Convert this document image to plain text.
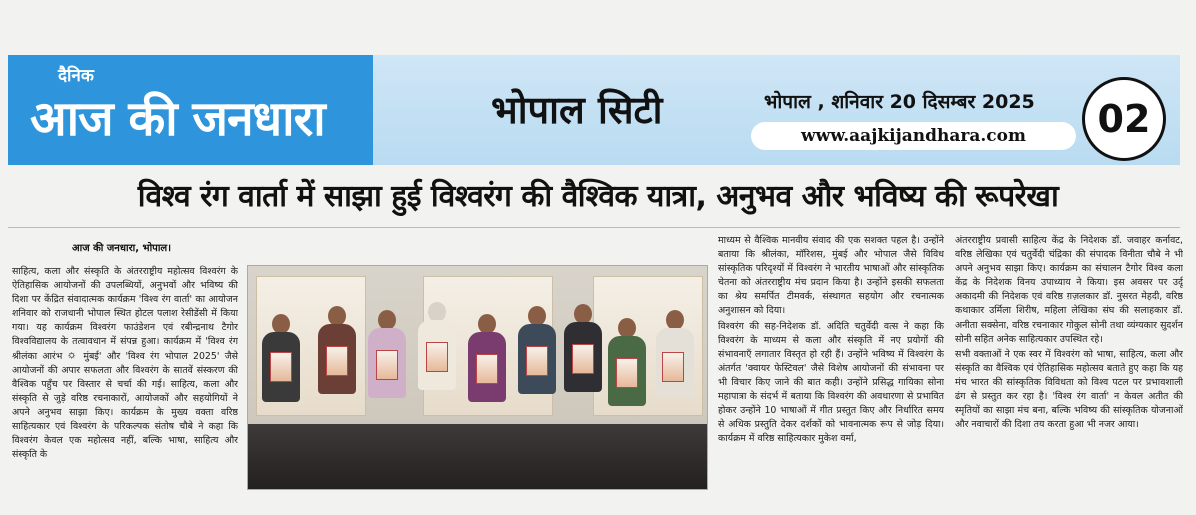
दैनिक
आज की जनधारा	भोपाल सिटी	भोपाल , शनिवार 20 दिसम्बर 2025
www.aajkijandhara.com	02
विश्व रंग वार्ता में साझा हुई विश्वरंग की वैश्विक यात्रा, अनुभव और भविष्य की रूपरेखा
आज की जनधारा, भोपाल।

साहित्य, कला और संस्कृति के अंतरराष्ट्रीय महोत्सव विश्वरंग के ऐतिहासिक आयोजनों की उपलब्धियों, अनुभवों और भविष्य की दिशा पर केंद्रित संवादात्मक कार्यक्रम 'विश्व रंग वार्ता' का आयोजन शनिवार को राजधानी भोपाल स्थित होटल पलाश रेसीडेंसी में किया गया। यह कार्यक्रम विश्वरंग फाउंडेशन एवं रबीन्द्रनाथ टैगोर विश्वविद्यालय के तत्वावधान में संपन्न हुआ। कार्यक्रम में 'विश्व रंग श्रीलंका आरंभ 🌣 मुंबई' और 'विश्व रंग भोपाल 2025' जैसे आयोजनों की अपार सफलता और विश्वरंग के सातवें संस्करण की वैश्विक पहुँच पर विस्तार से चर्चा की गई। साहित्य, कला और संस्कृति से जुड़े वरिष्ठ रचनाकारों, आयोजकों और सहयोगियों ने अपने अनुभव साझा किए। कार्यक्रम के मुख्य वक्ता वरिष्ठ साहित्यकार एवं विश्वरंग के परिकल्पक संतोष चौबे ने कहा कि विश्वरंग केवल एक महोत्सव नहीं, बल्कि भाषा, साहित्य और संस्कृति के

माध्यम से वैश्विक मानवीय संवाद की एक सशक्त पहल है। उन्होंने बताया कि श्रीलंका, मॉरिशस, मुंबई और भोपाल जैसे विविध सांस्कृतिक परिदृश्यों में विश्वरंग ने भारतीय भाषाओं और सांस्कृतिक चेतना को अंतरराष्ट्रीय मंच प्रदान किया है। उन्होंने इसकी सफलता का श्रेय समर्पित टीमवर्क, संस्थागत सहयोग और रचनात्मक अनुशासन को दिया।

विश्वरंग की सह-निदेशक डॉ. अदिति चतुर्वेदी वत्स ने कहा कि विश्वरंग के माध्यम से कला और संस्कृति में नए प्रयोगों की संभावनाएँ लगातार विस्तृत हो रही हैं। उन्होंने भविष्य में विश्वरंग के अंतर्गत 'क्वायर फेस्टिवल' जैसे विशेष आयोजनों की संभावना पर भी विचार किए जाने की बात कही। उन्होंने प्रसिद्ध गायिका सोना महापात्रा के संदर्भ में बताया कि विश्वरंग की अवधारणा से प्रभावित होकर उन्होंने 10 भाषाओं में गीत प्रस्तुत किए और निर्धारित समय से अधिक प्रस्तुति देकर दर्शकों को भावनात्मक रूप से जोड़ दिया। कार्यक्रम में वरिष्ठ साहित्यकार मुकेश वर्मा,

अंतरराष्ट्रीय प्रवासी साहित्य केंद्र के निदेशक डॉ. जवाहर कर्नावट, वरिष्ठ लेखिका एवं चतुर्वेदी चंद्रिका की संपादक विनीता चौबे ने भी अपने अनुभव साझा किए। कार्यक्रम का संचालन टैगोर विश्व कला केंद्र के निदेशक विनय उपाध्याय ने किया। इस अवसर पर उर्दू अकादमी की निदेशक एवं वरिष्ठ ग़ज़लकार डॉ. नुसरत मेहदी, वरिष्ठ कथाकार उर्मिला शिरीष, महिला लेखिका संघ की सलाहकार डॉ. अनीता सक्सेना, वरिष्ठ रचनाकार गोकुल सोनी तथा व्यंग्यकार सुदर्शन सोनी सहित अनेक साहित्यकार उपस्थित रहे।

सभी वक्ताओं ने एक स्वर में विश्वरंग को भाषा, साहित्य, कला और संस्कृति का वैश्विक एवं ऐतिहासिक महोत्सव बताते हुए कहा कि यह मंच भारत की सांस्कृतिक विविधता को विश्व पटल पर प्रभावशाली ढंग से प्रस्तुत कर रहा है। 'विश्व रंग वार्ता' न केवल अतीत की स्मृतियों का साझा मंच बना, बल्कि भविष्य की सांस्कृतिक योजनाओं और नवाचारों की दिशा तय करता हुआ भी नजर आया।
